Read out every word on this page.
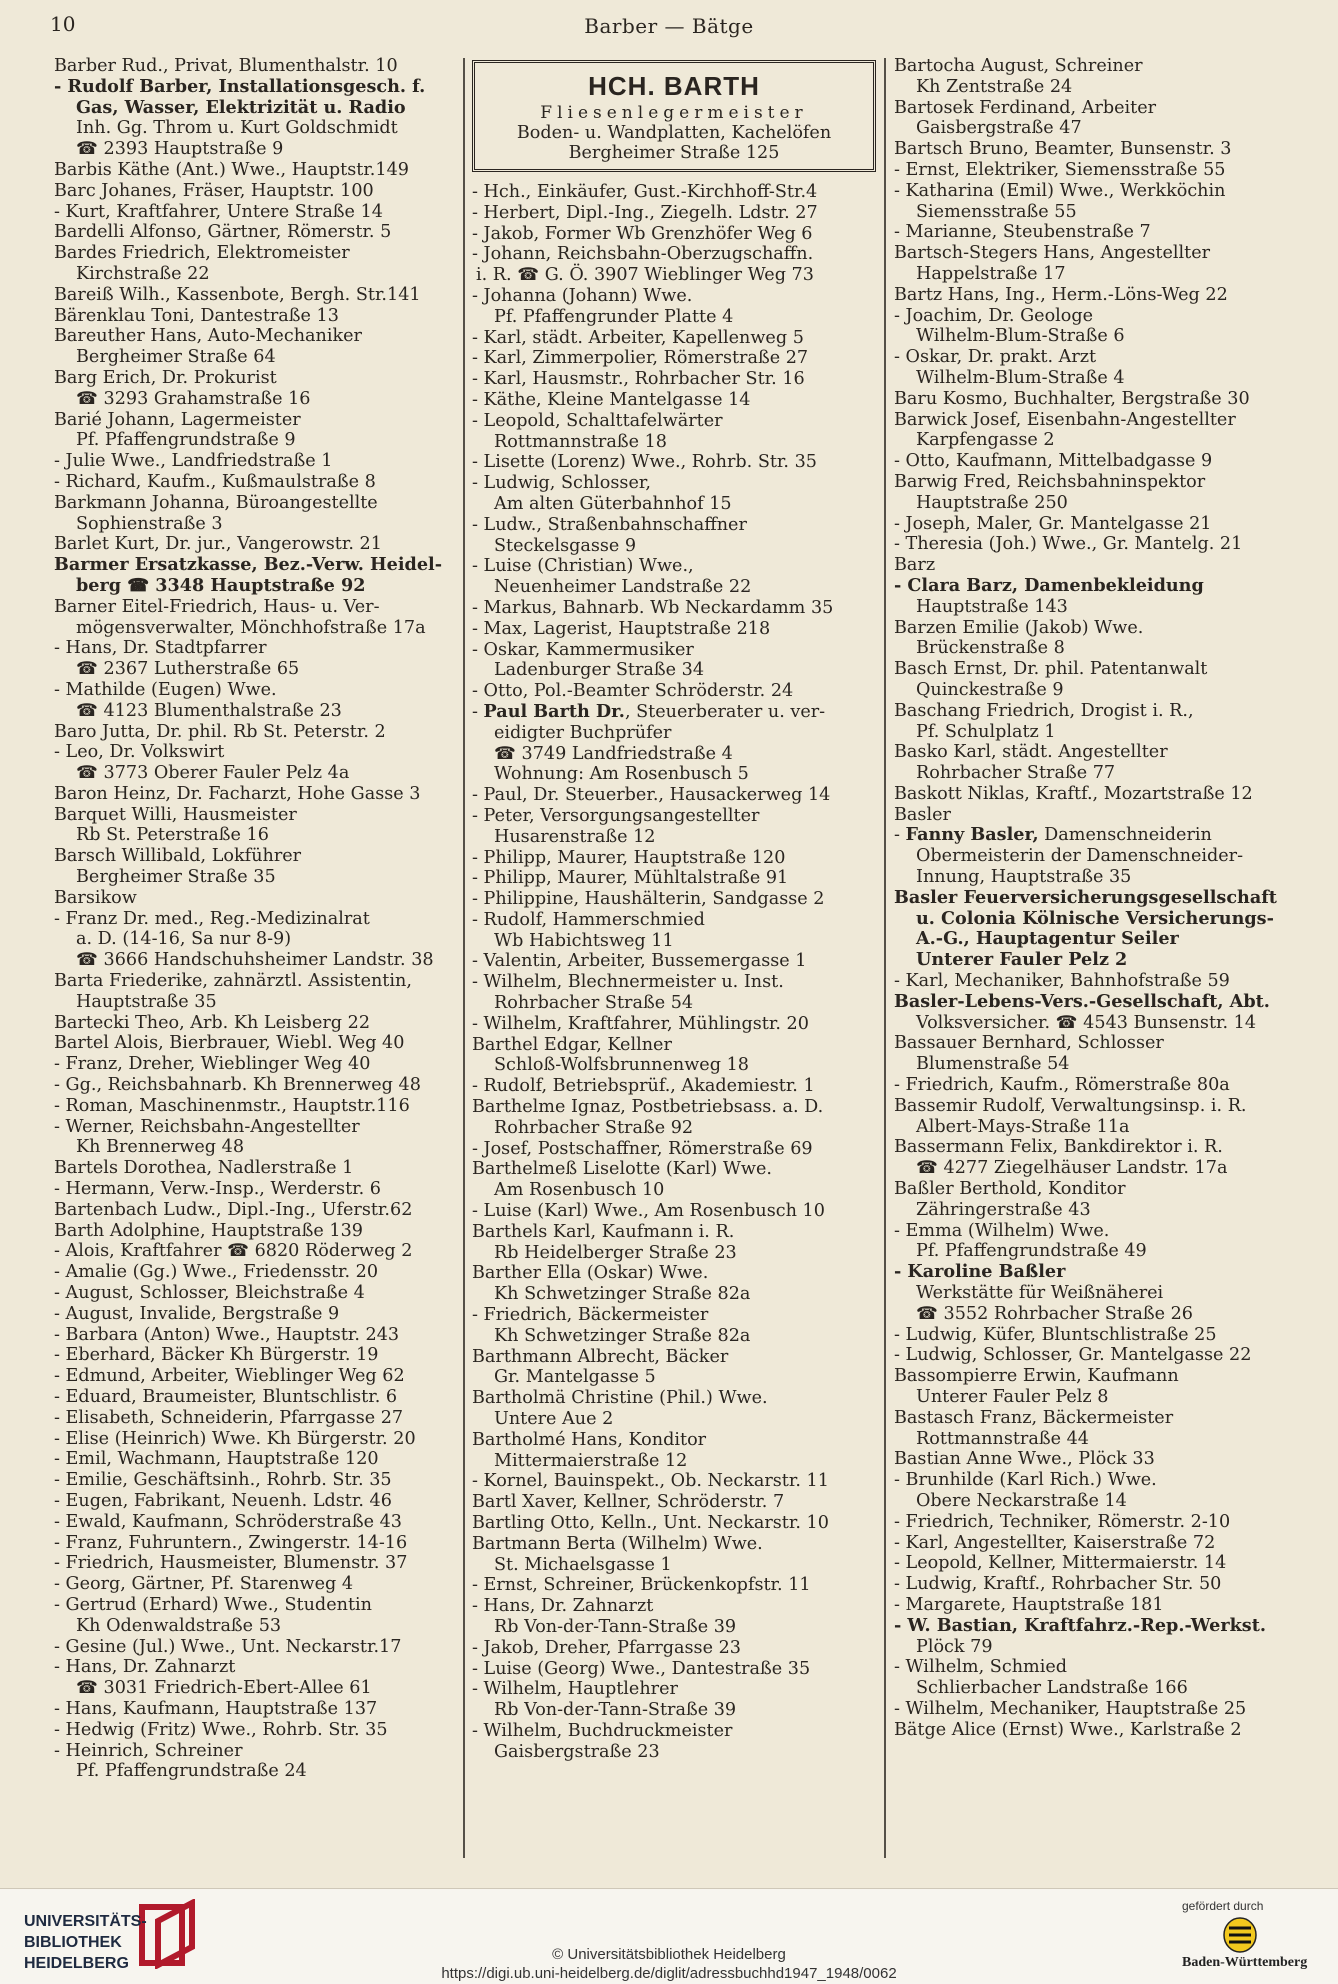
10	Barber — Bätge
Barber Rud., Privat, Blumenthalstr. 10
- Rudolf Barber, Installationsgesch. f.
Gas, Wasser, Elektrizität u. Radio
Inh. Gg. Throm u. Kurt Goldschmidt
☎ 2393 Hauptstraße 9
Barbis Käthe (Ant.) Wwe., Hauptstr.149
Barc Johanes, Fräser, Hauptstr. 100
- Kurt, Kraftfahrer, Untere Straße 14
Bardelli Alfonso, Gärtner, Römerstr. 5
Bardes Friedrich, Elektromeister
Kirchstraße 22
Bareiß Wilh., Kassenbote, Bergh. Str.141
Bärenklau Toni, Dantestraße 13
Bareuther Hans, Auto-Mechaniker
Bergheimer Straße 64
Barg Erich, Dr. Prokurist
☎ 3293 Grahamstraße 16
Barié Johann, Lagermeister
Pf. Pfaffengrundstraße 9
- Julie Wwe., Landfriedstraße 1
- Richard, Kaufm., Kußmaulstraße 8
Barkmann Johanna, Büroangestellte
Sophienstraße 3
Barlet Kurt, Dr. jur., Vangerowstr. 21
Barmer Ersatzkasse, Bez.-Verw. Heidel-
berg ☎ 3348 Hauptstraße 92
Barner Eitel-Friedrich, Haus- u. Ver-
mögensverwalter, Mönchhofstraße 17a
- Hans, Dr. Stadtpfarrer
☎ 2367 Lutherstraße 65
- Mathilde (Eugen) Wwe.
☎ 4123 Blumenthalstraße 23
Baro Jutta, Dr. phil. Rb St. Peterstr. 2
- Leo, Dr. Volkswirt
☎ 3773 Oberer Fauler Pelz 4a
Baron Heinz, Dr. Facharzt, Hohe Gasse 3
Barquet Willi, Hausmeister
Rb St. Peterstraße 16
Barsch Willibald, Lokführer
Bergheimer Straße 35
Barsikow
- Franz Dr. med., Reg.-Medizinalrat
a. D. (14-16, Sa nur 8-9)
☎ 3666 Handschuhsheimer Landstr. 38
Barta Friederike, zahnärztl. Assistentin,
Hauptstraße 35
Bartecki Theo, Arb. Kh Leisberg 22
Bartel Alois, Bierbrauer, Wiebl. Weg 40
- Franz, Dreher, Wieblinger Weg 40
- Gg., Reichsbahnarb. Kh Brennerweg 48
- Roman, Maschinenmstr., Hauptstr.116
- Werner, Reichsbahn-Angestellter
Kh Brennerweg 48
Bartels Dorothea, Nadlerstraße 1
- Hermann, Verw.-Insp., Werderstr. 6
Bartenbach Ludw., Dipl.-Ing., Uferstr.62
Barth Adolphine, Hauptstraße 139
- Alois, Kraftfahrer ☎ 6820 Röderweg 2
- Amalie (Gg.) Wwe., Friedensstr. 20
- August, Schlosser, Bleichstraße 4
- August, Invalide, Bergstraße 9
- Barbara (Anton) Wwe., Hauptstr. 243
- Eberhard, Bäcker Kh Bürgerstr. 19
- Edmund, Arbeiter, Wieblinger Weg 62
- Eduard, Braumeister, Bluntschlistr. 6
- Elisabeth, Schneiderin, Pfarrgasse 27
- Elise (Heinrich) Wwe. Kh Bürgerstr. 20
- Emil, Wachmann, Hauptstraße 120
- Emilie, Geschäftsinh., Rohrb. Str. 35
- Eugen, Fabrikant, Neuenh. Ldstr. 46
- Ewald, Kaufmann, Schröderstraße 43
- Franz, Fuhruntern., Zwingerstr. 14-16
- Friedrich, Hausmeister, Blumenstr. 37
- Georg, Gärtner, Pf. Starenweg 4
- Gertrud (Erhard) Wwe., Studentin
Kh Odenwaldstraße 53
- Gesine (Jul.) Wwe., Unt. Neckarstr.17
- Hans, Dr. Zahnarzt
☎ 3031 Friedrich-Ebert-Allee 61
- Hans, Kaufmann, Hauptstraße 137
- Hedwig (Fritz) Wwe., Rohrb. Str. 35
- Heinrich, Schreiner
Pf. Pfaffengrundstraße 24
HCH. BARTH
Fliesenlegermeister
Boden- u. Wandplatten, Kachelöfen
Bergheimer Straße 125
- Hch., Einkäufer, Gust.-Kirchhoff-Str.4
- Herbert, Dipl.-Ing., Ziegelh. Ldstr. 27
- Jakob, Former Wb Grenzhöfer Weg 6
- Johann, Reichsbahn-Oberzugschaffn.
i. R. ☎ G. Ö. 3907 Wieblinger Weg 73
- Johanna (Johann) Wwe.
Pf. Pfaffengrunder Platte 4
- Karl, städt. Arbeiter, Kapellenweg 5
- Karl, Zimmerpolier, Römerstraße 27
- Karl, Hausmstr., Rohrbacher Str. 16
- Käthe, Kleine Mantelgasse 14
- Leopold, Schalttafelwärter
Rottmannstraße 18
- Lisette (Lorenz) Wwe., Rohrb. Str. 35
- Ludwig, Schlosser,
Am alten Güterbahnhof 15
- Ludw., Straßenbahnschaffner
Steckelsgasse 9
- Luise (Christian) Wwe.,
Neuenheimer Landstraße 22
- Markus, Bahnarb. Wb Neckardamm 35
- Max, Lagerist, Hauptstraße 218
- Oskar, Kammermusiker
Ladenburger Straße 34
- Otto, Pol.-Beamter Schröderstr. 24
- Paul Barth Dr., Steuerberater u. ver-
eidigter Buchprüfer
☎ 3749 Landfriedstraße 4
Wohnung: Am Rosenbusch 5
- Paul, Dr. Steuerber., Hausackerweg 14
- Peter, Versorgungsangestellter
Husarenstraße 12
- Philipp, Maurer, Hauptstraße 120
- Philipp, Maurer, Mühltalstraße 91
- Philippine, Haushälterin, Sandgasse 2
- Rudolf, Hammerschmied
Wb Habichtsweg 11
- Valentin, Arbeiter, Bussemergasse 1
- Wilhelm, Blechnermeister u. Inst.
Rohrbacher Straße 54
- Wilhelm, Kraftfahrer, Mühlingstr. 20
Barthel Edgar, Kellner
Schloß-Wolfsbrunnenweg 18
- Rudolf, Betriebsprüf., Akademiestr. 1
Barthelme Ignaz, Postbetriebsass. a. D.
Rohrbacher Straße 92
- Josef, Postschaffner, Römerstraße 69
Barthelmeß Liselotte (Karl) Wwe.
Am Rosenbusch 10
- Luise (Karl) Wwe., Am Rosenbusch 10
Barthels Karl, Kaufmann i. R.
Rb Heidelberger Straße 23
Barther Ella (Oskar) Wwe.
Kh Schwetzinger Straße 82a
- Friedrich, Bäckermeister
Kh Schwetzinger Straße 82a
Barthmann Albrecht, Bäcker
Gr. Mantelgasse 5
Bartholmä Christine (Phil.) Wwe.
Untere Aue 2
Bartholmé Hans, Konditor
Mittermaierstraße 12
- Kornel, Bauinspekt., Ob. Neckarstr. 11
Bartl Xaver, Kellner, Schröderstr. 7
Bartling Otto, Kelln., Unt. Neckarstr. 10
Bartmann Berta (Wilhelm) Wwe.
St. Michaelsgasse 1
- Ernst, Schreiner, Brückenkopfstr. 11
- Hans, Dr. Zahnarzt
Rb Von-der-Tann-Straße 39
- Jakob, Dreher, Pfarrgasse 23
- Luise (Georg) Wwe., Dantestraße 35
- Wilhelm, Hauptlehrer
Rb Von-der-Tann-Straße 39
- Wilhelm, Buchdruckmeister
Gaisbergstraße 23
Bartocha August, Schreiner
Kh Zentstraße 24
Bartosek Ferdinand, Arbeiter
Gaisbergstraße 47
Bartsch Bruno, Beamter, Bunsenstr. 3
- Ernst, Elektriker, Siemensstraße 55
- Katharina (Emil) Wwe., Werkköchin
Siemensstraße 55
- Marianne, Steubenstraße 7
Bartsch-Stegers Hans, Angestellter
Happelstraße 17
Bartz Hans, Ing., Herm.-Löns-Weg 22
- Joachim, Dr. Geologe
Wilhelm-Blum-Straße 6
- Oskar, Dr. prakt. Arzt
Wilhelm-Blum-Straße 4
Baru Kosmo, Buchhalter, Bergstraße 30
Barwick Josef, Eisenbahn-Angestellter
Karpfengasse 2
- Otto, Kaufmann, Mittelbadgasse 9
Barwig Fred, Reichsbahninspektor
Hauptstraße 250
- Joseph, Maler, Gr. Mantelgasse 21
- Theresia (Joh.) Wwe., Gr. Mantelg. 21
Barz
- Clara Barz, Damenbekleidung
Hauptstraße 143
Barzen Emilie (Jakob) Wwe.
Brückenstraße 8
Basch Ernst, Dr. phil. Patentanwalt
Quinckestraße 9
Baschang Friedrich, Drogist i. R.,
Pf. Schulplatz 1
Basko Karl, städt. Angestellter
Rohrbacher Straße 77
Baskott Niklas, Kraftf., Mozartstraße 12
Basler
- Fanny Basler, Damenschneiderin
Obermeisterin der Damenschneider-
Innung, Hauptstraße 35
Basler Feuerversicherungsgesellschaft
u. Colonia Kölnische Versicherungs-
A.-G., Hauptagentur Seiler
Unterer Fauler Pelz 2
- Karl, Mechaniker, Bahnhofstraße 59
Basler-Lebens-Vers.-Gesellschaft, Abt.
Volksversicher. ☎ 4543 Bunsenstr. 14
Bassauer Bernhard, Schlosser
Blumenstraße 54
- Friedrich, Kaufm., Römerstraße 80a
Bassemir Rudolf, Verwaltungsinsp. i. R.
Albert-Mays-Straße 11a
Bassermann Felix, Bankdirektor i. R.
☎ 4277 Ziegelhäuser Landstr. 17a
Baßler Berthold, Konditor
Zähringerstraße 43
- Emma (Wilhelm) Wwe.
Pf. Pfaffengrundstraße 49
- Karoline Baßler
Werkstätte für Weißnäherei
☎ 3552 Rohrbacher Straße 26
- Ludwig, Küfer, Bluntschlistraße 25
- Ludwig, Schlosser, Gr. Mantelgasse 22
Bassompierre Erwin, Kaufmann
Unterer Fauler Pelz 8
Bastasch Franz, Bäckermeister
Rottmannstraße 44
Bastian Anne Wwe., Plöck 33
- Brunhilde (Karl Rich.) Wwe.
Obere Neckarstraße 14
- Friedrich, Techniker, Römerstr. 2-10
- Karl, Angestellter, Kaiserstraße 72
- Leopold, Kellner, Mittermaierstr. 14
- Ludwig, Kraftf., Rohrbacher Str. 50
- Margarete, Hauptstraße 181
- W. Bastian, Kraftfahrz.-Rep.-Werkst.
Plöck 79
- Wilhelm, Schmied
Schlierbacher Landstraße 166
- Wilhelm, Mechaniker, Hauptstraße 25
Bätge Alice (Ernst) Wwe., Karlstraße 2
UNIVERSITÄTS-
BIBLIOTHEK
HEIDELBERG
© Universitätsbibliothek Heidelberg
https://digi.ub.uni-heidelberg.de/diglit/adressbuchhd1947_1948/0062
gefördert durch
Baden-Württemberg
